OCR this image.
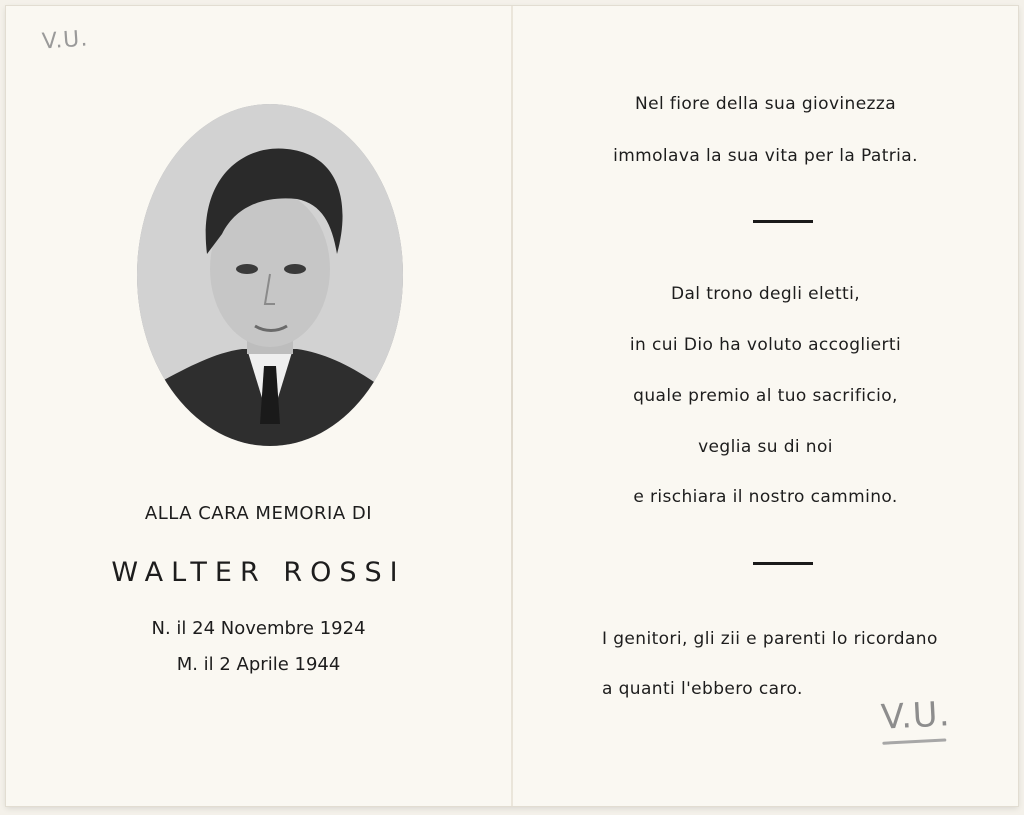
V.U.
ALLA CARA MEMORIA DI
WALTER ROSSI
N. il 24 Novembre 1924
M. il 2 Aprile 1944
Nel fiore della sua giovinezza
immolava la sua vita per la Patria.
Dal trono degli eletti,
in cui Dio ha voluto accoglierti
quale premio al tuo sacrificio,
veglia su di noi
e rischiara il nostro cammino.
I genitori, gli zii e parenti lo ricordano
a quanti l'ebbero caro.
V.U.
